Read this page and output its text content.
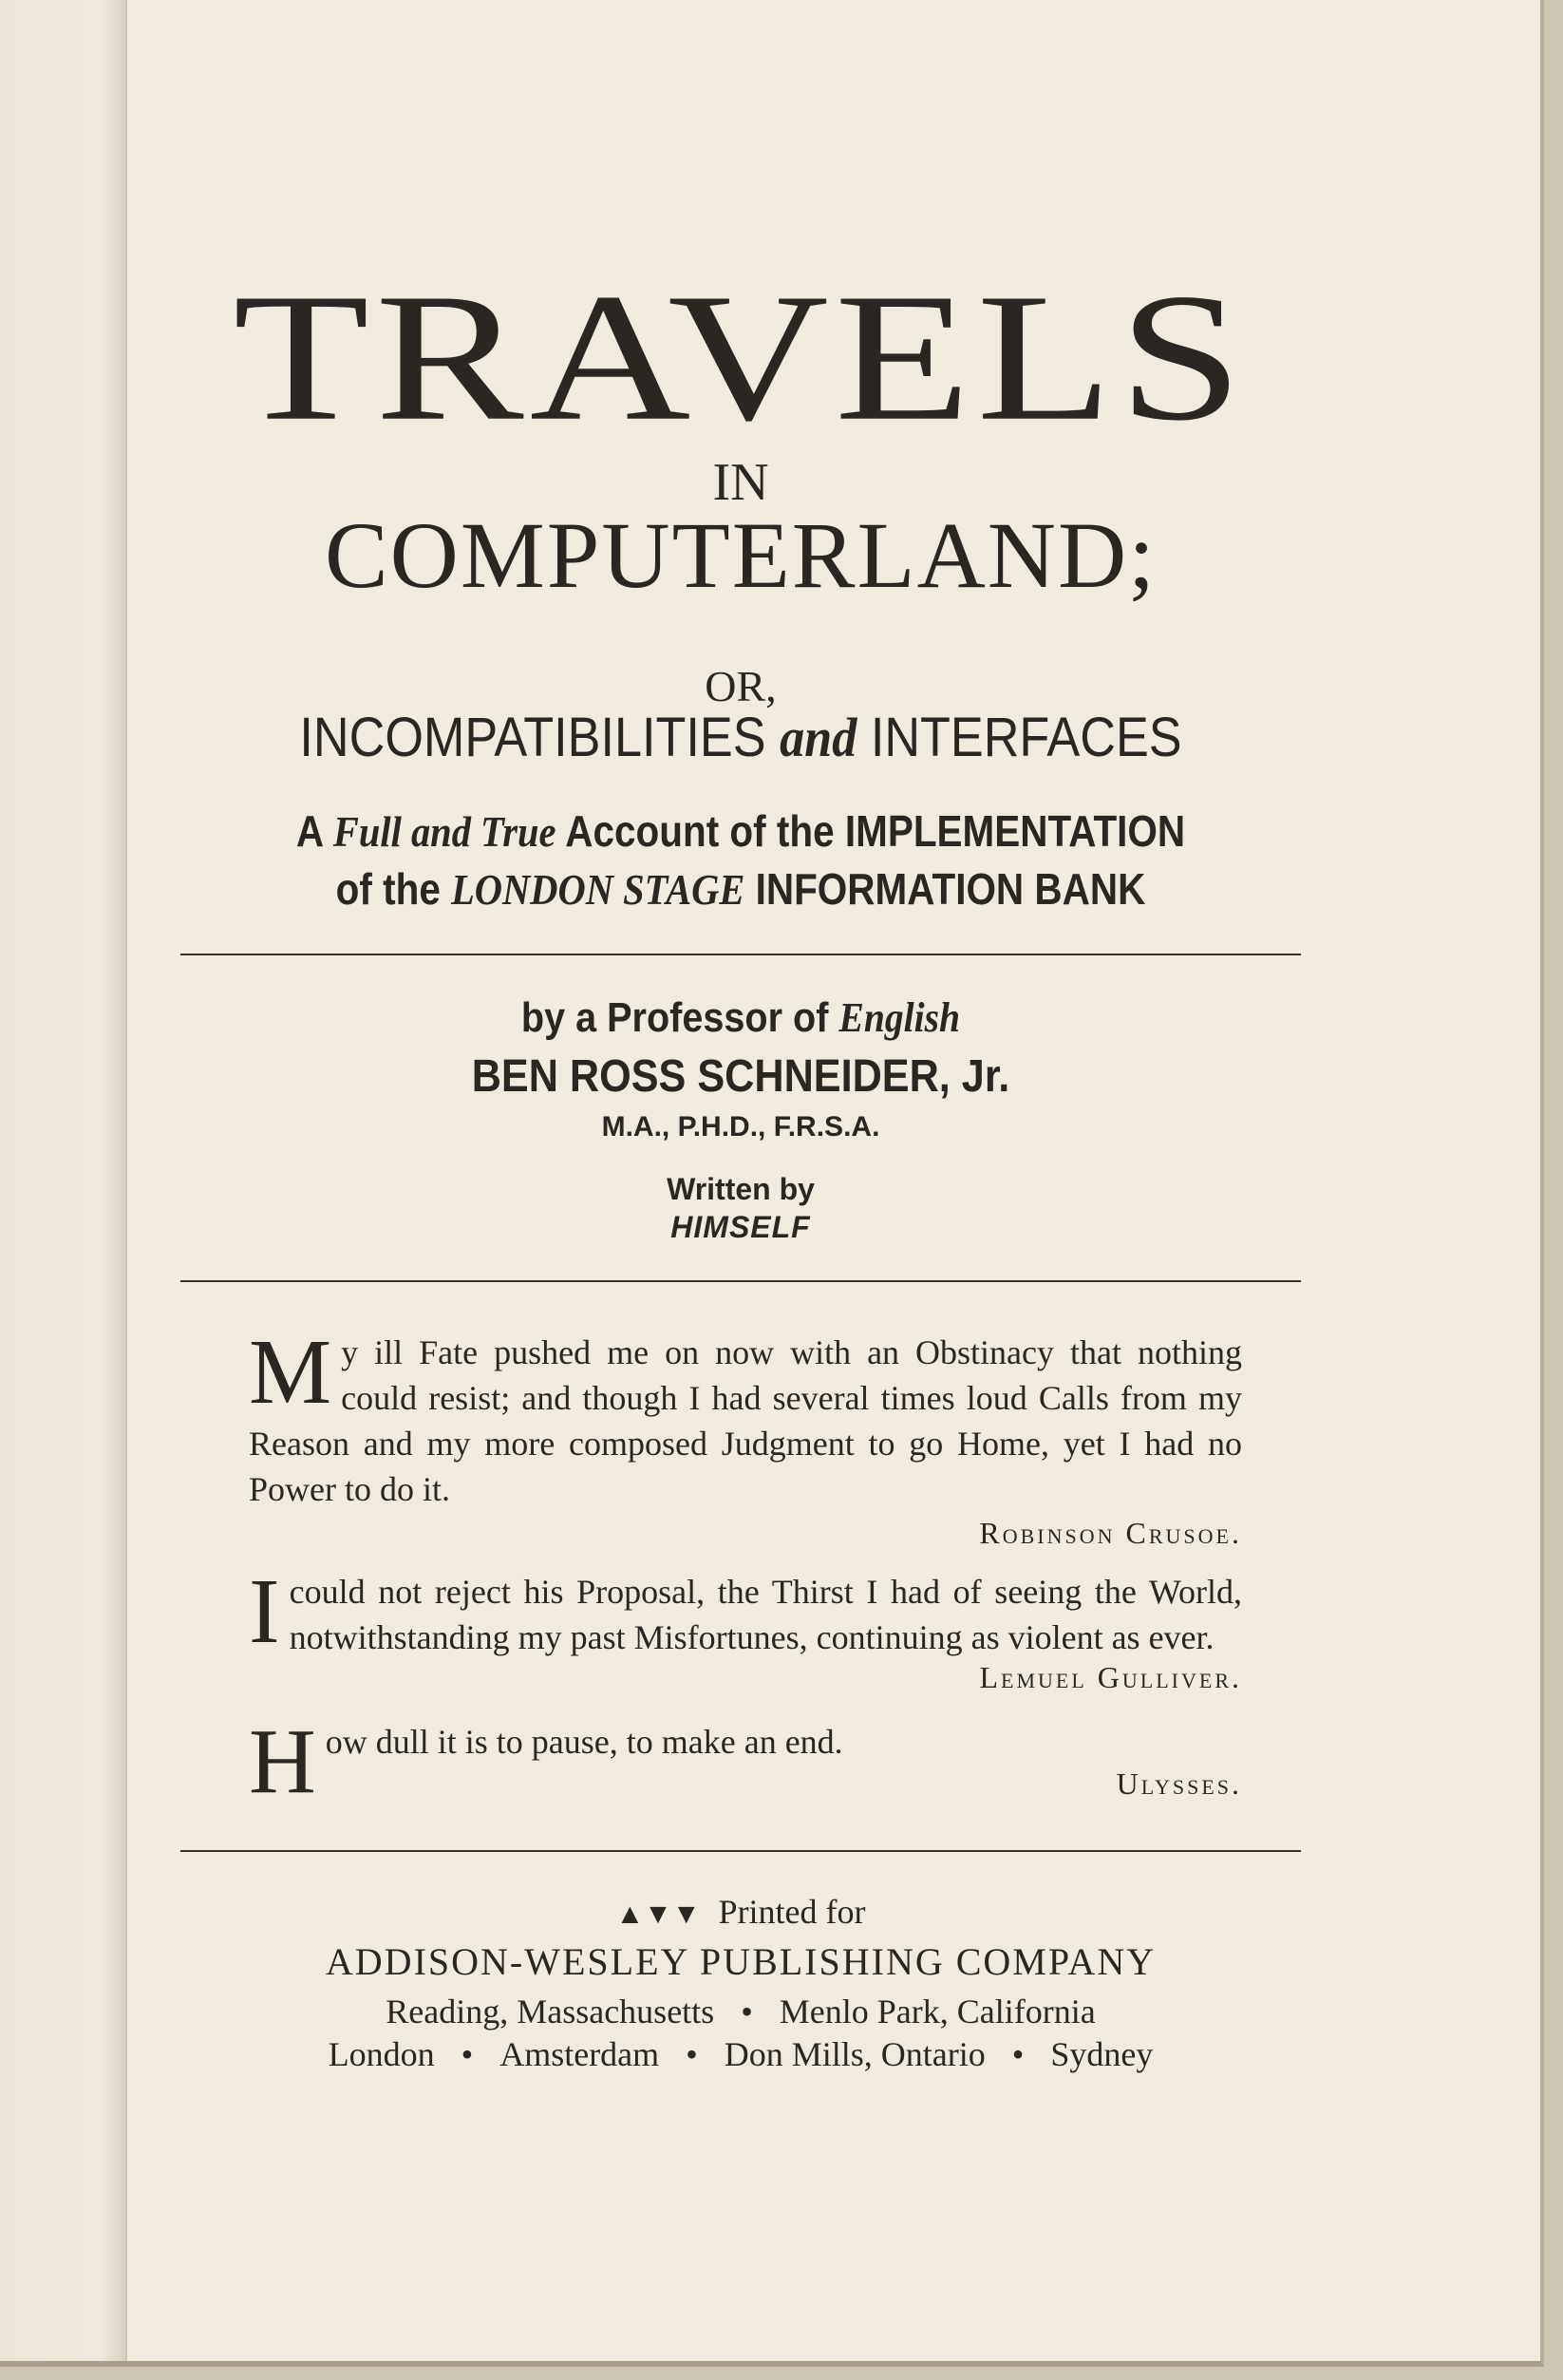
TRAVELS
IN
COMPUTERLAND;
OR,
INCOMPATIBILITIES and INTERFACES
A Full and True Account of the IMPLEMENTATION
of the LONDON STAGE INFORMATION BANK
by a Professor of English
BEN ROSS SCHNEIDER, Jr.
M.A., P.H.D., F.R.S.A.
Written by
HIMSELF
My ill Fate pushed me on now with an Obstinacy that nothing could resist; and though I had several times loud Calls from my Reason and my more composed Judgment to go Home, yet I had no Power to do it.
Robinson Crusoe.
Icould not reject his Proposal, the Thirst I had of seeing the World, notwithstanding my past Misfortunes, continuing as violent as ever.
Lemuel Gulliver.
How dull it is to pause, to make an end.
Ulysses.
▲▼▼ Printed for
ADDISON-WESLEY PUBLISHING COMPANY
Reading, Massachusetts • Menlo Park, California
London • Amsterdam • Don Mills, Ontario • Sydney
